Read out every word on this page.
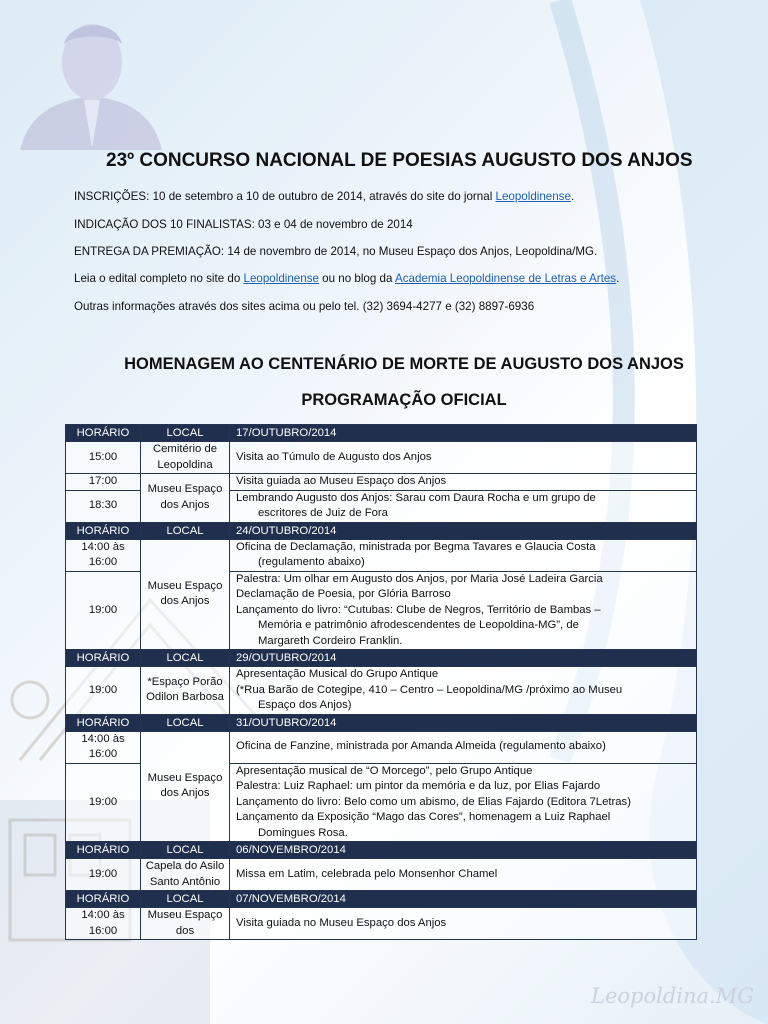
23º CONCURSO NACIONAL DE POESIAS AUGUSTO DOS ANJOS

INSCRIÇÕES: 10 de setembro a 10 de outubro de 2014, através do site do jornal Leopoldinense.

INDICAÇÃO DOS 10 FINALISTAS: 03 e 04 de novembro de 2014

ENTREGA DA PREMIAÇÃO: 14 de novembro de 2014, no Museu Espaço dos Anjos, Leopoldina/MG.

Leia o edital completo no site do Leopoldinense ou no blog da Academia Leopoldinense de Letras e Artes.

Outras informações através dos sites acima ou pelo tel. (32) 3694-4277 e (32) 8897-6936

HOMENAGEM AO CENTENÁRIO DE MORTE DE AUGUSTO DOS ANJOS
PROGRAMAÇÃO OFICIAL
HORÁRIO	LOCAL	17/OUTUBRO/2014
15:00	Cemitério de Leopoldina	Visita ao Túmulo de Augusto dos Anjos
17:00	Museu Espaço dos Anjos	Visita guiada ao Museu Espaço dos Anjos
18:30		Lembrando Augusto dos Anjos: Sarau com Daura Rocha e um grupo de
escritores de Juiz de Fora

HORÁRIO	LOCAL	24/OUTUBRO/2014
14:00 às 16:00	Museu Espaço dos Anjos	Oficina de Declamação, ministrada por Begma Tavares e Glaucia Costa
(regulamento abaixo)

19:00		Palestra: Um olhar em Augusto dos Anjos, por Maria José Ladeira Garcia
Declamação de Poesia, por Glória Barroso
Lançamento do livro: “Cutubas: Clube de Negros, Território de Bambas –
Memória e patrimônio afrodescendentes de Leopoldina-MG”, de
Margareth Cordeiro Franklin.

HORÁRIO	LOCAL	29/OUTUBRO/2014
19:00	*Espaço Porão Odilon Barbosa	Apresentação Musical do Grupo Antique
(*Rua Barão de Cotegipe, 410 – Centro – Leopoldina/MG /próximo ao Museu
Espaço dos Anjos)

HORÁRIO	LOCAL	31/OUTUBRO/2014
14:00 às 16:00	Museu Espaço dos Anjos	Oficina de Fanzine, ministrada por Amanda Almeida (regulamento abaixo)
19:00		Apresentação musical de “O Morcego”, pelo Grupo Antique
Palestra: Luiz Raphael: um pintor da memória e da luz, por Elias Fajardo
Lançamento do livro: Belo como um abismo, de Elias Fajardo (Editora 7Letras)
Lançamento da Exposição “Mago das Cores”, homenagem a Luiz Raphael
Domingues Rosa.

HORÁRIO	LOCAL	06/NOVEMBRO/2014
19:00	Capela do Asilo Santo Antônio	Missa em Latim, celebrada pelo Monsenhor Chamel
HORÁRIO	LOCAL	07/NOVEMBRO/2014
14:00 às 16:00	Museu Espaço dos	Visita guiada no Museu Espaço dos Anjos
Leopoldina.MG
